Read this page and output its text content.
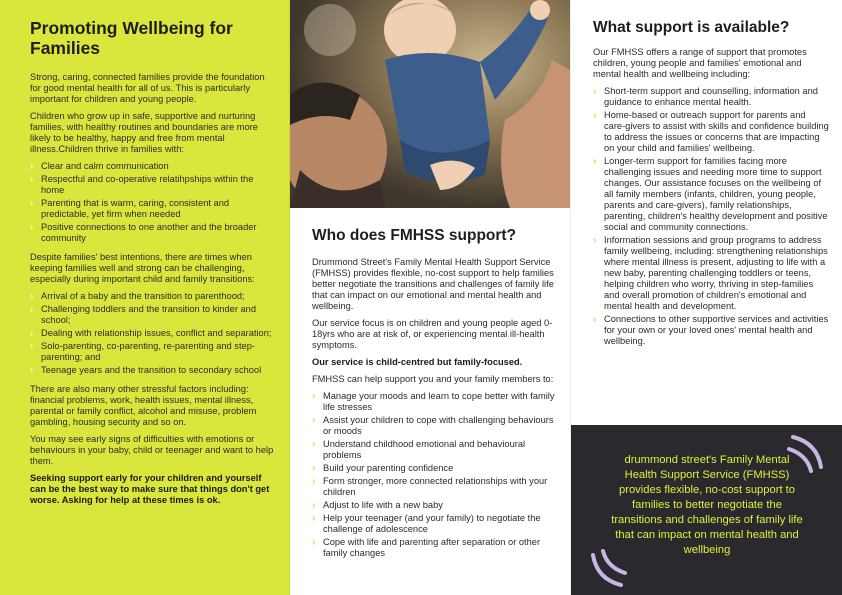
Promoting Wellbeing for Families

Strong, caring, connected families provide the foundation for good mental health for all of us. This is particularly important for children and young people.

Children who grow up in safe, supportive and nurturing families, with healthy routines and boundaries are more likely to be healthy, happy and free from mental illness.Children thrive in families with:

› Clear and calm communication
› Respectful and co-operative relatihpships within the home
› Parenting that is warm, caring, consistent and predictable, yet firm when needed
› Positive connections to one another and the broader community

Despite families' best intentions, there are times when keeping families well and strong can be challenging, especially during important child and family transitions:

› Arrival of a baby and the transition to parenthood;
› Challenging toddlers and the transition to kinder and school;
› Dealing with relationship issues, conflict and separation;
› Solo-parenting, co-parenting, re-parenting and step-parenting; and
› Teenage years and the transition to secondary school

There are also many other stressful factors including: financial problems, work, health issues, mental illness, parental or family conflict, alcohol and misuse, problem gambling, housing security and so on.

You may see early signs of difficulties with emotions or behaviours in your baby, child or teenager and want to help them.

Seeking support early for your children and yourself can be the best way to make sure that things don't get worse. Asking for help at these times is ok.

Who does FMHSS support?

Drummond Street's Family Mental Health Support Service (FMHSS) provides flexible, no-cost support to help families better negotiate the transitions and challenges of family life that can impact on our emotional and mental health and wellbeing.

Our service focus is on children and young people aged 0-18yrs who are at risk of, or experiencing mental ill-health symptoms.

Our service is child-centred but family-focused.

FMHSS can help support you and your family members to:

› Manage your moods and learn to cope better with family life stresses
› Assist your children to cope with challenging behaviours or moods
› Understand childhood emotional and behavioural problems
› Build your parenting confidence
› Form stronger, more connected relationships with your children
› Adjust to life with a new baby
› Help your teenager (and your family) to negotiate the challenge of adolescence
› Cope with life and parenting after separation or other family changes
What support is available?

Our FMHSS offers a range of support that promotes children, young people and families' emotional and mental health and wellbeing including:

› Short-term support and counselling, information and guidance to enhance mental health.
› Home-based or outreach support for parents and care-givers to assist with skills and confidence building to address the issues or concerns that are impacting on your child and families' wellbeing.
› Longer-term support for families facing more challenging issues and needing more time to support changes. Our assistance focuses on the wellbeing of all family members (infants, children, young people, parents and care-givers), family relationships, parenting, children's healthy development and positive social and community connections.
› Information sessions and group programs to address family wellbeing, including: strengthening relationships where mental illness is present, adjusting to life with a new baby, parenting challenging toddlers or teens, helping children who worry, thriving in step-families and overall promotion of children's emotional and mental health and development.
› Connections to other supportive services and activities for your own or your loved ones' mental health and wellbeing.
drummond street's Family Mental Health Support Service (FMHSS) provides flexible, no-cost support to families to better negotiate the transitions and challenges of family life that can impact on mental health and wellbeing
